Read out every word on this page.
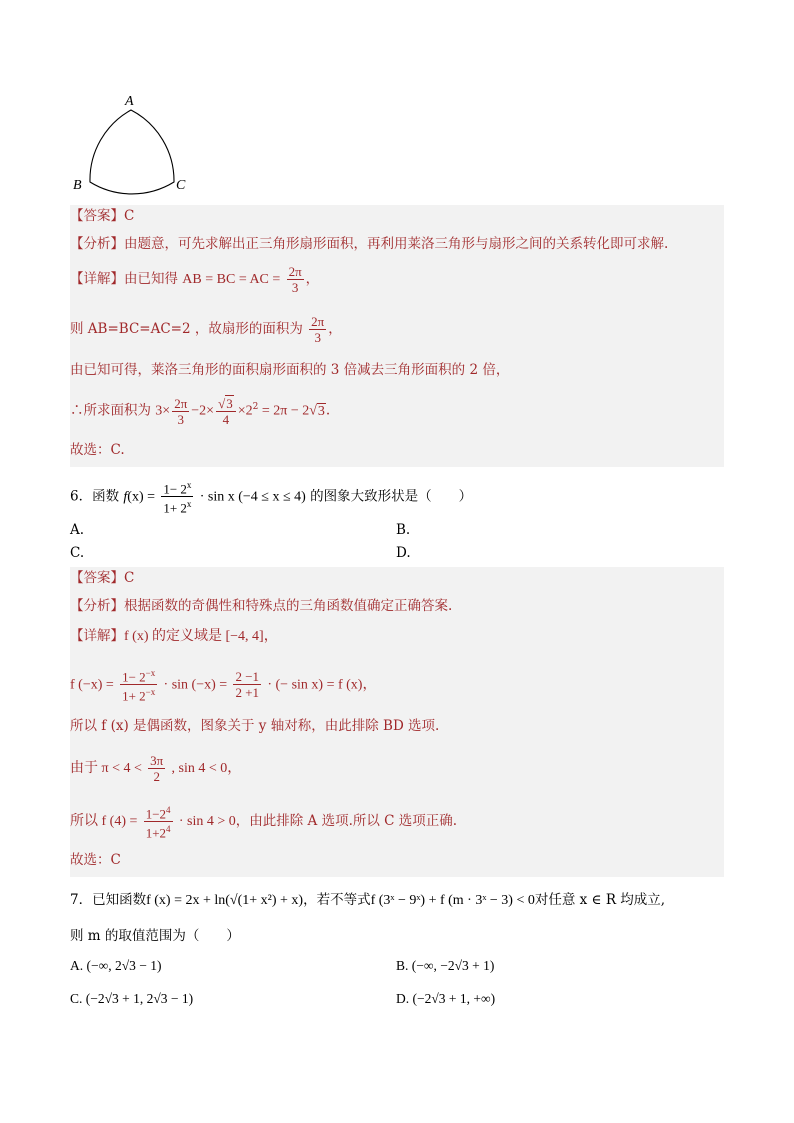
A
B	C
【答案】C
【分析】由题意，可先求解出正三角形扇形面积，再利用莱洛三角形与扇形之间的关系转化即可求解.
【详解】由已知得 AB = BC = AC = $\frac{2\pi}{3}$ ，
则 AB=BC=AC=2 ，故扇形的面积为 $\frac{2\pi}{3}$ ，
由已知可得，莱洛三角形的面积扇形面积的 3 倍减去三角形面积的 2 倍，
∴所求面积为 $3\times \frac{2\pi}{3} -2\times \frac{√3}{4} \times 2^2 = 2\pi - 2√3$.
故选：C.
6．函数 $f(x) = \frac{1- 2^x}{1+ 2^x} \cdot \sin x$ (−4 ≤ x ≤ 4) 的图象大致形状是（　　）
A.	B.
C.	D.
【答案】C
【分析】根据函数的奇偶性和特殊点的三角函数值确定正确答案.
【详解】f (x) 的定义域是 [−4, 4]，
f $(-x) = \frac{1- 2^{-x}}{1+ 2^{-x}} \cdot \sin (-x) = \frac{2 -1}{2 +1}$ · (− sin x) = f (x)，
所以 f (x) 是偶函数，图象关于 y 轴对称，由此排除 BD 选项.
由于 $\pi < 4 < \frac{3\pi}{2}$ , sin 4 < 0，
所以 f $(4) = \frac{1-2^4}{1+2^4} \cdot \sin 4 > 0$，由此排除 A 选项.所以 C 选项正确.
故选：C
7．已知函数f (x) = 2x + ln(√(1+ x²) + x)，若不等式f (3ˣ − 9ˣ) + f (m · 3ˣ − 3) < 0对任意 x ∈ R 均成立,
则 m 的取值范围为（　　）
A. (−∞, 2√3 − 1)	B. (−∞, −2√3 + 1)
C. (−2√3 + 1, 2√3 − 1)	D. (−2√3 + 1, +∞)
